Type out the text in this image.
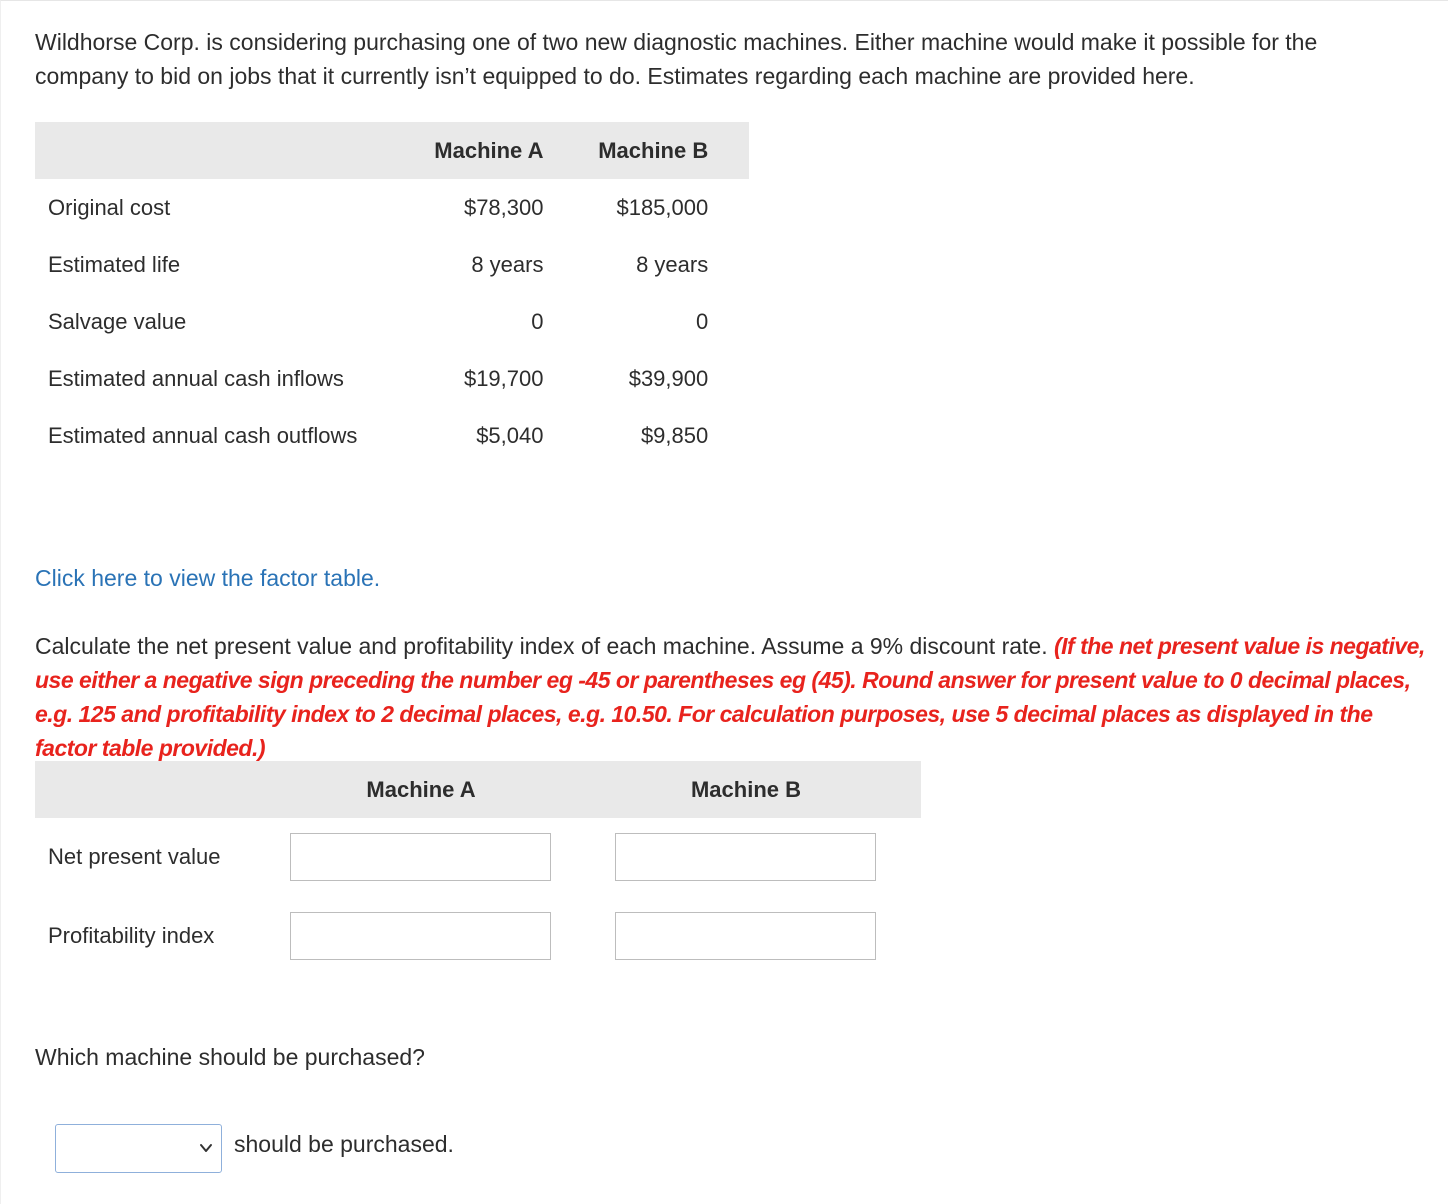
Wildhorse Corp. is considering purchasing one of two new diagnostic machines. Either machine would make it possible for the company to bid on jobs that it currently isn’t equipped to do. Estimates regarding each machine are provided here.

	Machine A	Machine B	
Original cost	$78,300	$185,000	
Estimated life	8 years	8 years	
Salvage value	0	0	
Estimated annual cash inflows	$19,700	$39,900	
Estimated annual cash outflows	$5,040	$9,850	
Click here to view the factor table.

Calculate the net present value and profitability index of each machine. Assume a 9% discount rate. (If the net present value is negative, use either a negative sign preceding the number eg -45 or parentheses eg (45). Round answer for present value to 0 decimal places, e.g. 125 and profitability index to 2 decimal places, e.g. 10.50. For calculation purposes, use 5 decimal places as displayed in the factor table provided.)

Machine A	Machine B
Net present value
Profitability index
Which machine should be purchased?
should be purchased.
